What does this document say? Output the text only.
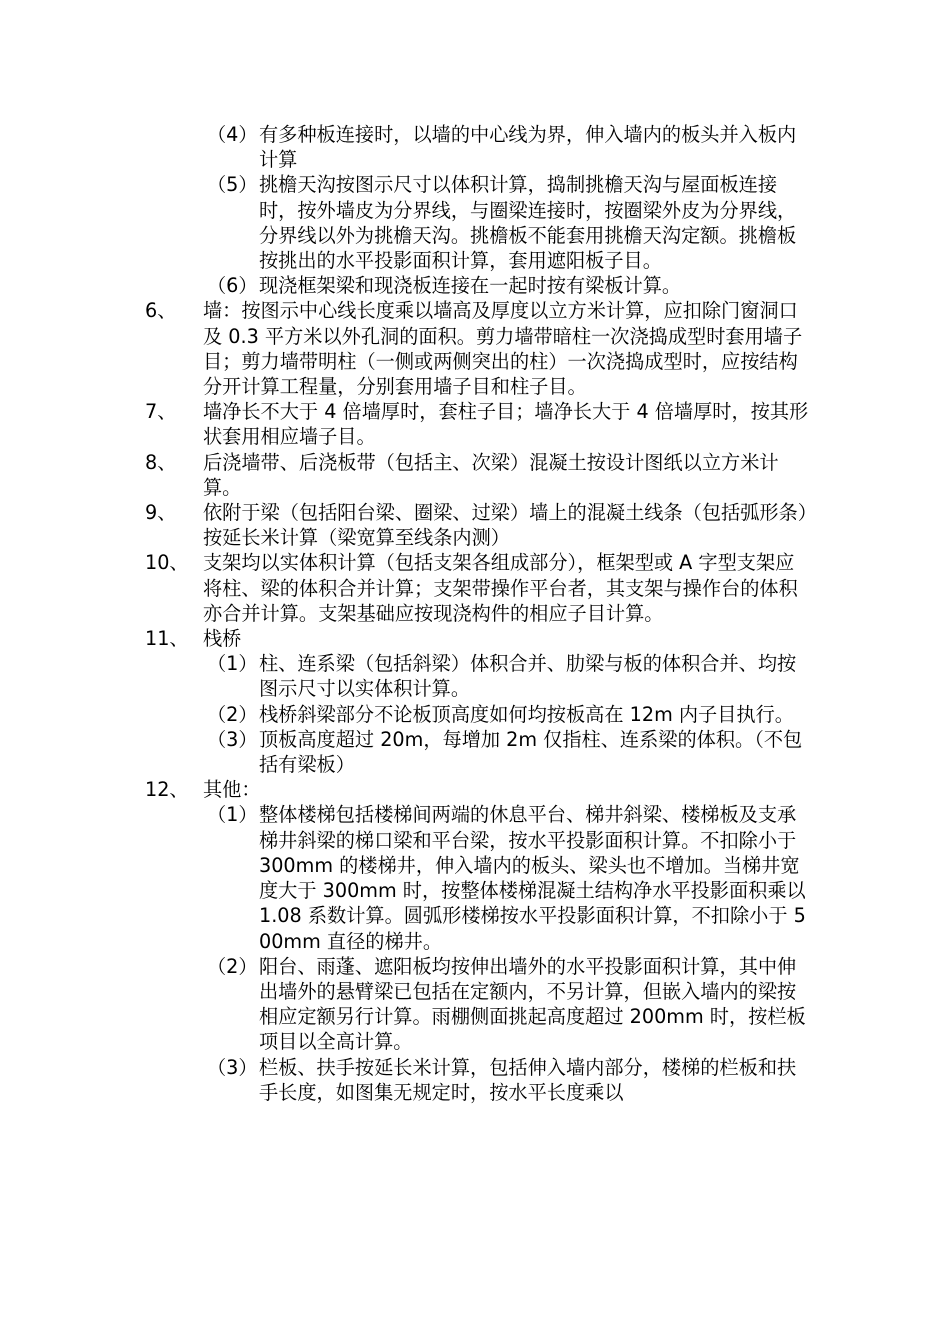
（4） 有多种板连接时，以墙的中心线为界，伸入墙内的板头并入板内计算
（5） 挑檐天沟按图示尺寸以体积计算，捣制挑檐天沟与屋面板连接时，按外墙皮为分界线，与圈梁连接时，按圈梁外皮为分界线，分界线以外为挑檐天沟。挑檐板不能套用挑檐天沟定额。挑檐板按挑出的水平投影面积计算，套用遮阳板子目。
（6） 现浇框架梁和现浇板连接在一起时按有梁板计算。
6、 墙：按图示中心线长度乘以墙高及厚度以立方米计算，应扣除门窗洞口及 0.3 平方米以外孔洞的面积。剪力墙带暗柱一次浇捣成型时套用墙子目；剪力墙带明柱（一侧或两侧突出的柱）一次浇捣成型时，应按结构分开计算工程量，分别套用墙子目和柱子目。
7、 墙净长不大于 4 倍墙厚时，套柱子目；墙净长大于 4 倍墙厚时，按其形状套用相应墙子目。
8、 后浇墙带、后浇板带（包括主、次梁）混凝土按设计图纸以立方米计算。
9、 依附于梁（包括阳台梁、圈梁、过梁）墙上的混凝土线条（包括弧形条）按延长米计算（梁宽算至线条内测）
10、 支架均以实体积计算（包括支架各组成部分），框架型或 A 字型支架应将柱、梁的体积合并计算；支架带操作平台者，其支架与操作台的体积亦合并计算。支架基础应按现浇构件的相应子目计算。
11、 栈桥
（1） 柱、连系梁（包括斜梁）体积合并、肋梁与板的体积合并、均按图示尺寸以实体积计算。
（2） 栈桥斜梁部分不论板顶高度如何均按板高在 12m 内子目执行。
（3） 顶板高度超过 20m，每增加 2m 仅指柱、连系梁的体积。（不包括有梁板）
12、 其他：
（1） 整体楼梯包括楼梯间两端的休息平台、梯井斜梁、楼梯板及支承梯井斜梁的梯口梁和平台梁，按水平投影面积计算。不扣除小于 300mm 的楼梯井，伸入墙内的板头、梁头也不增加。当梯井宽度大于 300mm 时，按整体楼梯混凝土结构净水平投影面积乘以 1.08 系数计算。圆弧形楼梯按水平投影面积计算，不扣除小于 500mm 直径的梯井。
（2） 阳台、雨蓬、遮阳板均按伸出墙外的水平投影面积计算，其中伸出墙外的悬臂梁已包括在定额内，不另计算，但嵌入墙内的梁按相应定额另行计算。雨棚侧面挑起高度超过 200mm 时，按栏板项目以全高计算。
（3） 栏板、扶手按延长米计算，包括伸入墙内部分，楼梯的栏板和扶手长度，如图集无规定时，按水平长度乘以
